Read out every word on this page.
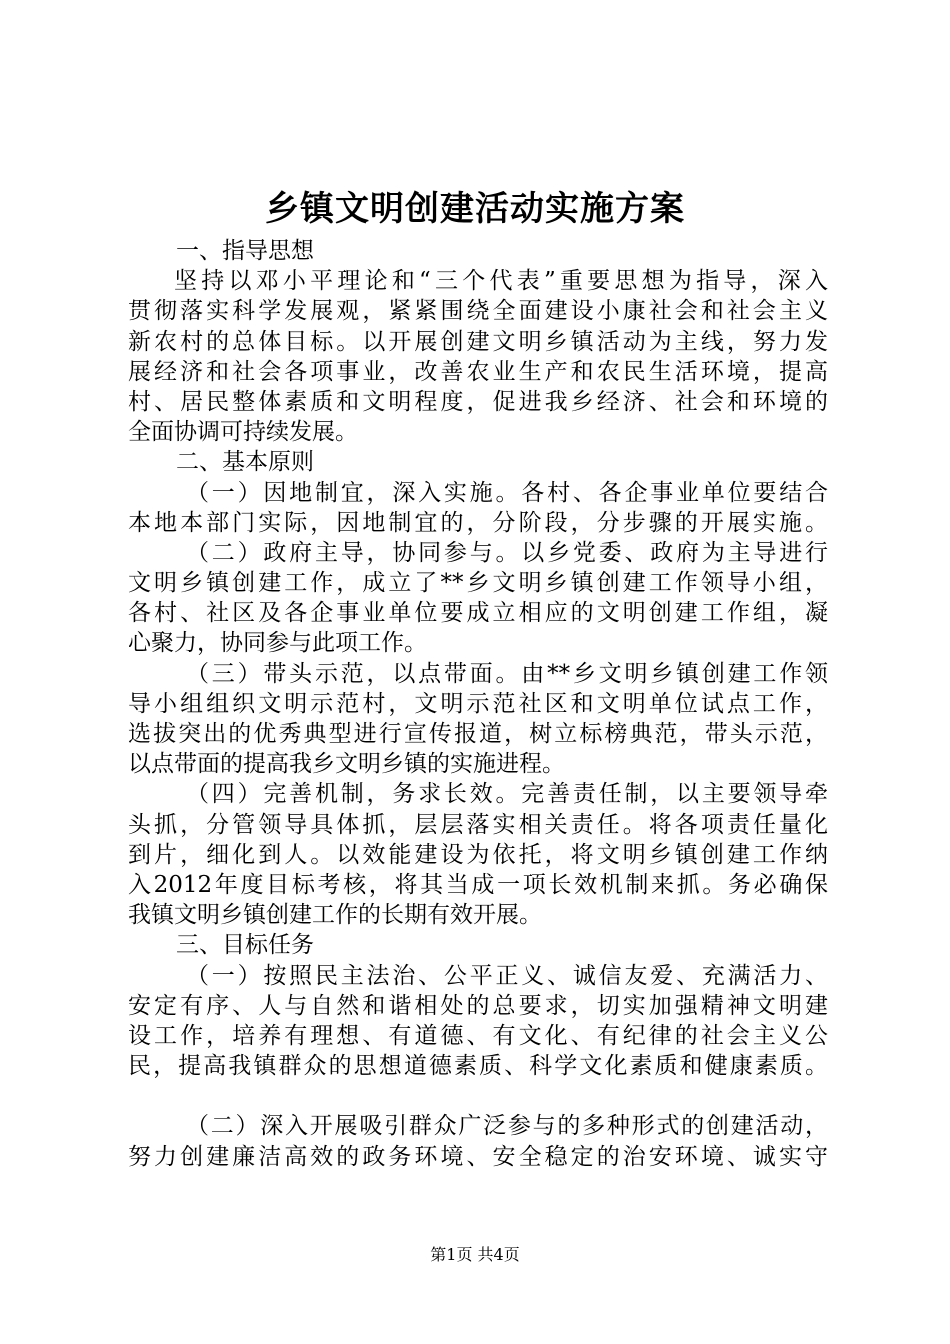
乡镇文明创建活动实施方案
一、指导思想
坚持以邓小平理论和“三个代表”重要思想为指导，深入
贯彻落实科学发展观，紧紧围绕全面建设小康社会和社会主义
新农村的总体目标。以开展创建文明乡镇活动为主线，努力发
展经济和社会各项事业，改善农业生产和农民生活环境，提高
村、居民整体素质和文明程度，促进我乡经济、社会和环境的
全面协调可持续发展。
二、基本原则
（一）因地制宜，深入实施。各村、各企事业单位要结合
本地本部门实际，因地制宜的，分阶段，分步骤的开展实施。
（二）政府主导，协同参与。以乡党委、政府为主导进行
文明乡镇创建工作，成立了**乡文明乡镇创建工作领导小组，
各村、社区及各企事业单位要成立相应的文明创建工作组，凝
心聚力，协同参与此项工作。
（三）带头示范，以点带面。由**乡文明乡镇创建工作领
导小组组织文明示范村，文明示范社区和文明单位试点工作，
选拔突出的优秀典型进行宣传报道，树立标榜典范，带头示范，
以点带面的提高我乡文明乡镇的实施进程。
（四）完善机制，务求长效。完善责任制，以主要领导牵
头抓，分管领导具体抓，层层落实相关责任。将各项责任量化
到片，细化到人。以效能建设为依托，将文明乡镇创建工作纳
入2012年度目标考核，将其当成一项长效机制来抓。务必确保
我镇文明乡镇创建工作的长期有效开展。
三、目标任务
（一）按照民主法治、公平正义、诚信友爱、充满活力、
安定有序、人与自然和谐相处的总要求，切实加强精神文明建
设工作，培养有理想、有道德、有文化、有纪律的社会主义公
民，提高我镇群众的思想道德素质、科学文化素质和健康素质。
（二）深入开展吸引群众广泛参与的多种形式的创建活动，
努力创建廉洁高效的政务环境、安全稳定的治安环境、诚实守
第1页 共4页
